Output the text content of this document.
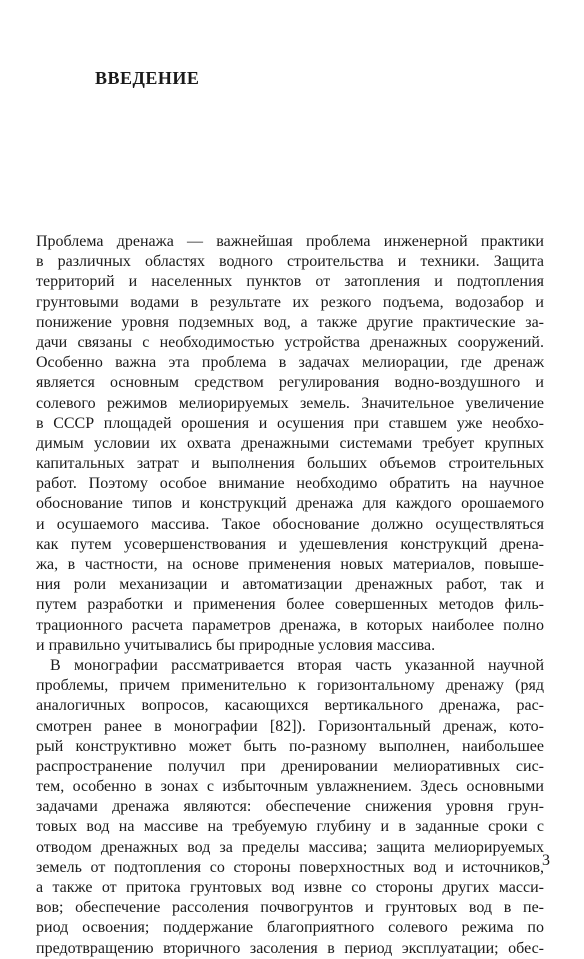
ВВЕДЕНИЕ
Проблема дренажа — важнейшая проблема инженерной практики
в различных областях водного строительства и техники. Защита
территорий и населенных пунктов от затопления и подтопления
грунтовыми водами в результате их резкого подъема, водозабор и
понижение уровня подземных вод, а также другие практические за-
дачи связаны с необходимостью устройства дренажных сооружений.
Особенно важна эта проблема в задачах мелиорации, где дренаж
является основным средством регулирования водно-воздушного и
солевого режимов мелиорируемых земель. Значительное увеличение
в СССР площадей орошения и осушения при ставшем уже необхо-
димым условии их охвата дренажными системами требует крупных
капитальных затрат и выполнения больших объемов строительных
работ. Поэтому особое внимание необходимо обратить на научное
обоснование типов и конструкций дренажа для каждого орошаемого
и осушаемого массива. Такое обоснование должно осуществляться
как путем усовершенствования и удешевления конструкций дрена-
жа, в частности, на основе применения новых материалов, повыше-
ния роли механизации и автоматизации дренажных работ, так и
путем разработки и применения более совершенных методов филь-
трационного расчета параметров дренажа, в которых наиболее полно
и правильно учитывались бы природные условия массива.
В монографии рассматривается вторая часть указанной научной
проблемы, причем применительно к горизонтальному дренажу (ряд
аналогичных вопросов, касающихся вертикального дренажа, рас-
смотрен ранее в монографии [82]). Горизонтальный дренаж, кото-
рый конструктивно может быть по-разному выполнен, наибольшее
распространение получил при дренировании мелиоративных сис-
тем, особенно в зонах с избыточным увлажнением. Здесь основными
задачами дренажа являются: обеспечение снижения уровня грун-
товых вод на массиве на требуемую глубину и в заданные сроки с
отводом дренажных вод за пределы массива; защита мелиорируемых
земель от подтопления со стороны поверхностных вод и источников,
а также от притока грунтовых вод извне со стороны других масси-
вов; обеспечение рассоления почвогрунтов и грунтовых вод в пе-
риод освоения; поддержание благоприятного солевого режима по
предотвращению вторичного засоления в период эксплуатации; обес-
3
